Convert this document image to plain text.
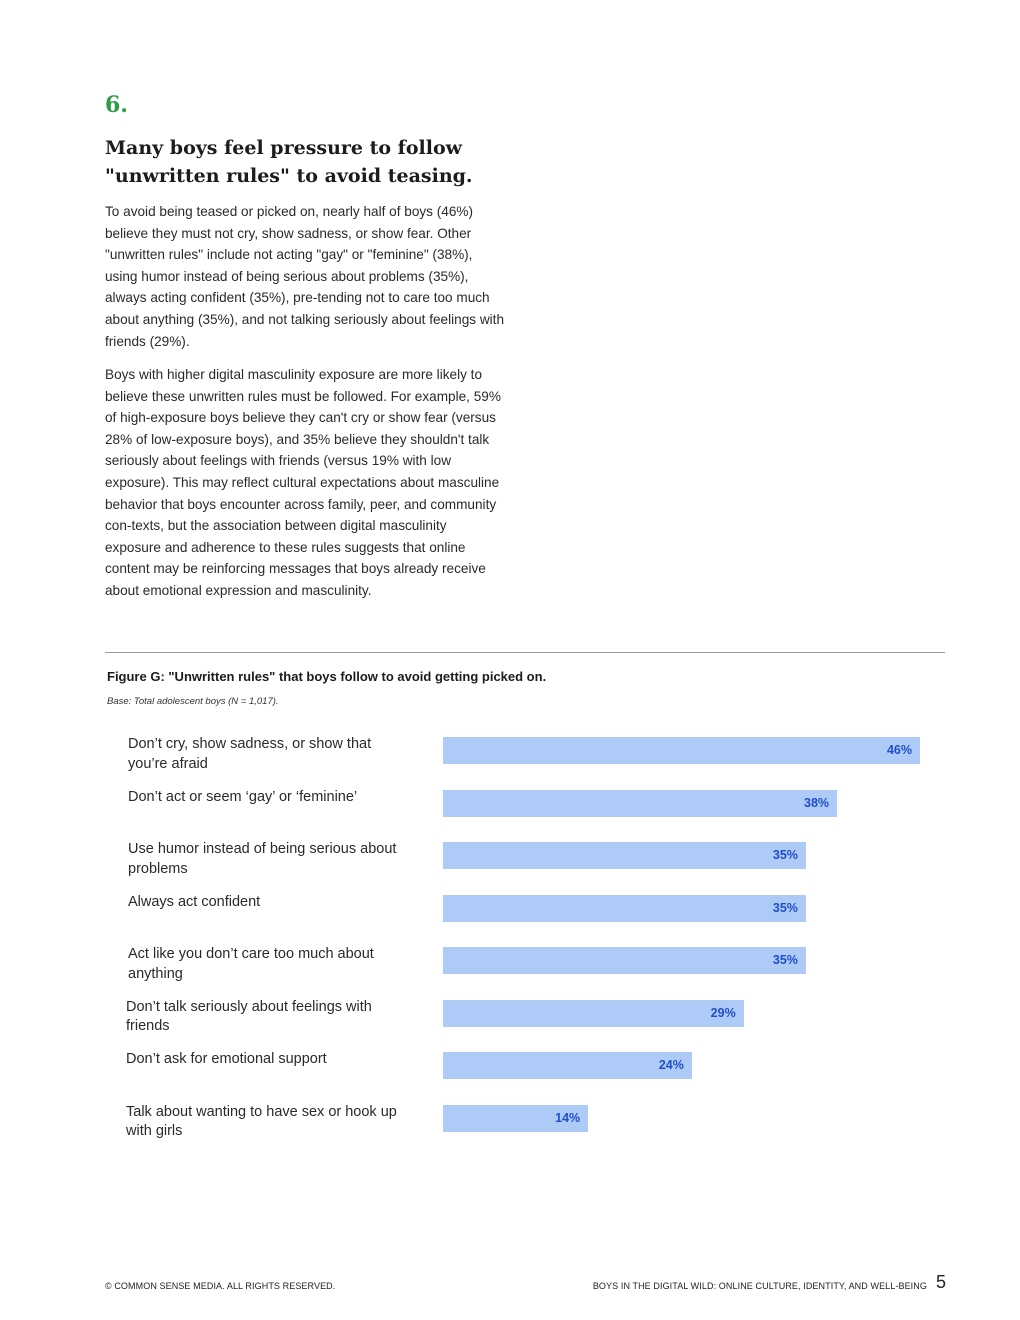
6.
Many boys feel pressure to follow
"unwritten rules" to avoid teasing.

To avoid being teased or picked on, nearly half of boys (46%) believe they must not cry, show sadness, or show fear. Other "unwritten rules" include not acting "gay" or "feminine" (38%), using humor instead of being serious about problems (35%), always acting confident (35%), pre-tending not to care too much about anything (35%), and not talking seriously about feelings with friends (29%).

Boys with higher digital masculinity exposure are more likely to believe these unwritten rules must be followed. For example, 59% of high-exposure boys believe they can't cry or show fear (versus 28% of low-exposure boys), and 35% believe they shouldn't talk seriously about feelings with friends (versus 19% with low exposure). This may reflect cultural expectations about masculine behavior that boys encounter across family, peer, and community con-texts, but the association between digital masculinity exposure and adherence to these rules suggests that online content may be reinforcing messages that boys already receive about emotional expression and masculinity.

Figure G: "Unwritten rules" that boys follow to avoid getting picked on.

Base: Total adolescent boys (N = 1,017).

Don’t cry, show sadness, or show that you’re afraid
46%
Don’t act or seem ‘gay’ or ‘feminine’	38%
Use humor instead of being serious about problems
35%
Always act confident	35%
Act like you don’t care too much about anything
35%
Don’t talk seriously about feelings with friends
29%
Don’t ask for emotional support	24%
Talk about wanting to have sex or hook up with girls
14%
© COMMON SENSE MEDIA. ALL RIGHTS RESERVED.	BOYS IN THE DIGITAL WILD: ONLINE CULTURE, IDENTITY, AND WELL-BEING 5
